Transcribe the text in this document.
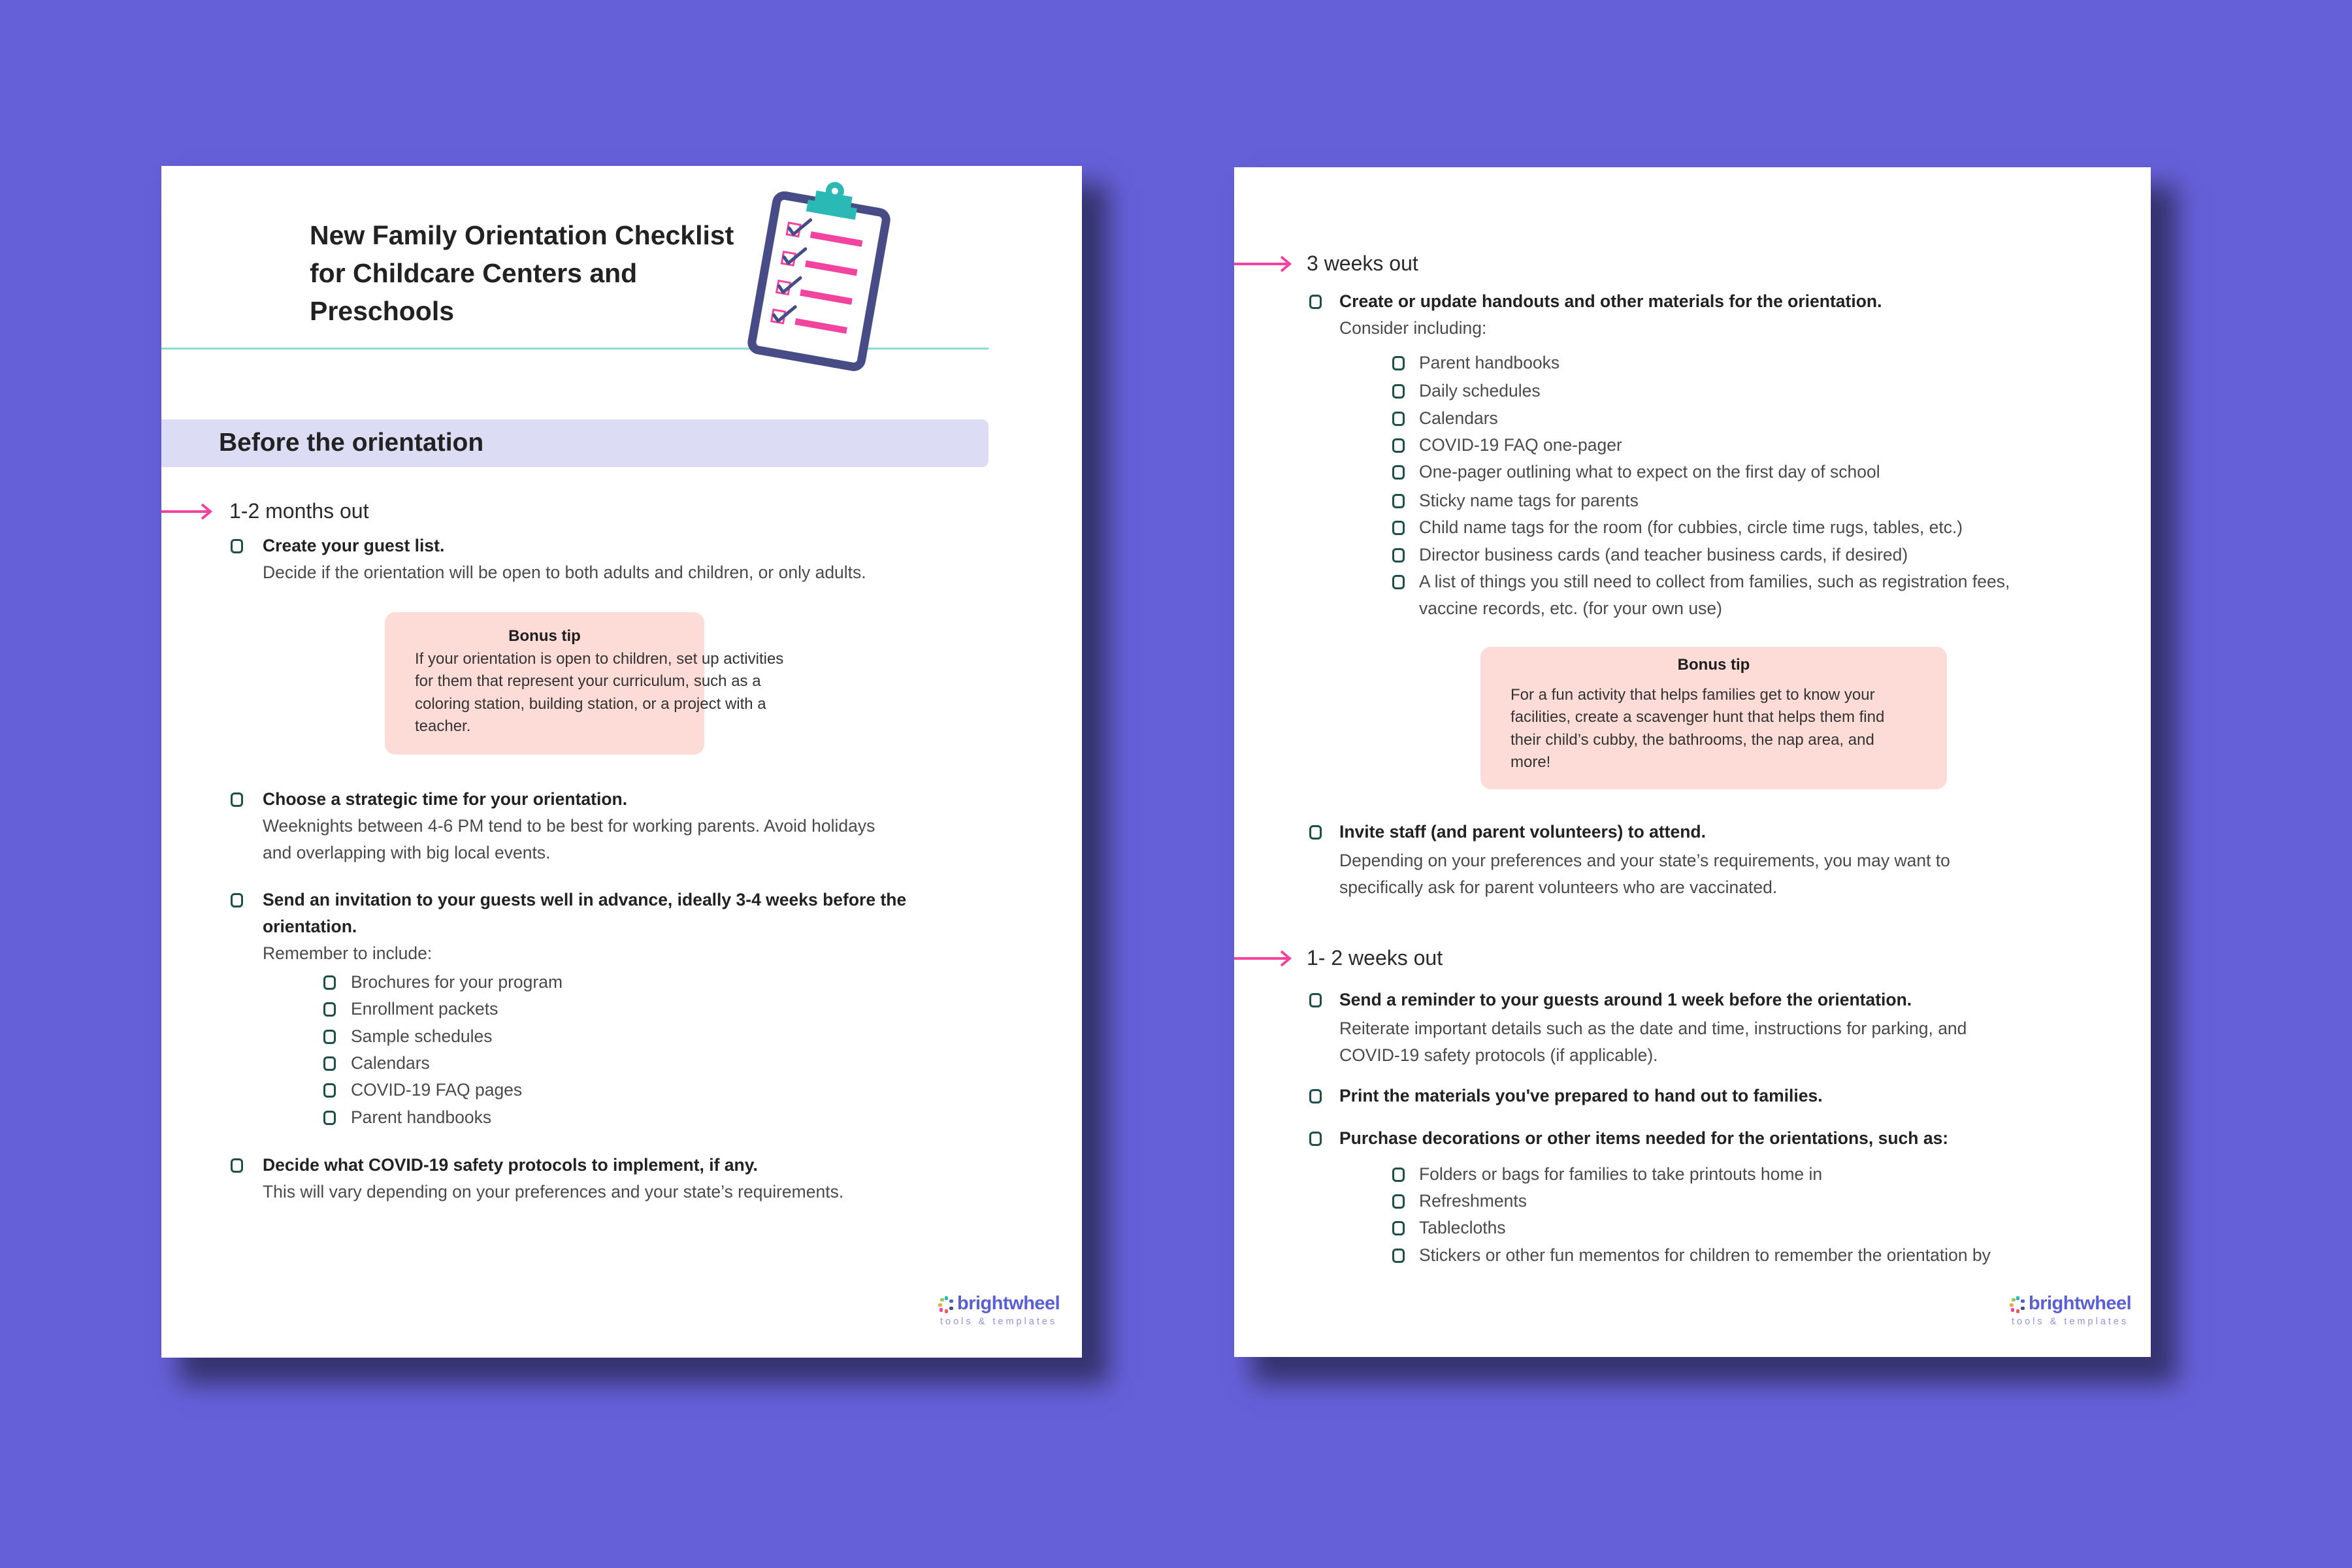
New Family Orientation Checklist
for Childcare Centers and
Preschools
Before the orientation
1-2 months out
Create your guest list.
Decide if the orientation will be open to both adults and children, or only adults.
Bonus tip
If your orientation is open to children, set up activities
for them that represent your curriculum, such as a
coloring station, building station, or a project with a
teacher.
Choose a strategic time for your orientation.
Weeknights between 4-6 PM tend to be best for working parents. Avoid holidays
and overlapping with big local events.
Send an invitation to your guests well in advance, ideally 3-4 weeks before the
orientation.
Remember to include:
Brochures for your program
Enrollment packets
Sample schedules
Calendars
COVID-19 FAQ pages
Parent handbooks
Decide what COVID-19 safety protocols to implement, if any.
This will vary depending on your preferences and your state’s requirements.
brightwheel
tools & templates
3 weeks out
Create or update handouts and other materials for the orientation.
Consider including:
Parent handbooks
Daily schedules
Calendars
COVID-19 FAQ one-pager
One-pager outlining what to expect on the first day of school
Sticky name tags for parents
Child name tags for the room (for cubbies, circle time rugs, tables, etc.)
Director business cards (and teacher business cards, if desired)
A list of things you still need to collect from families, such as registration fees,
vaccine records, etc. (for your own use)
Bonus tip
For a fun activity that helps families get to know your
facilities, create a scavenger hunt that helps them find
their child’s cubby, the bathrooms, the nap area, and
more!
Invite staff (and parent volunteers) to attend.
Depending on your preferences and your state’s requirements, you may want to
specifically ask for parent volunteers who are vaccinated.
1- 2 weeks out
Send a reminder to your guests around 1 week before the orientation.
Reiterate important details such as the date and time, instructions for parking, and
COVID-19 safety protocols (if applicable).
Print the materials you've prepared to hand out to families.
Purchase decorations or other items needed for the orientations, such as:
Folders or bags for families to take printouts home in
Refreshments
Tablecloths
Stickers or other fun mementos for children to remember the orientation by
brightwheel
tools & templates
